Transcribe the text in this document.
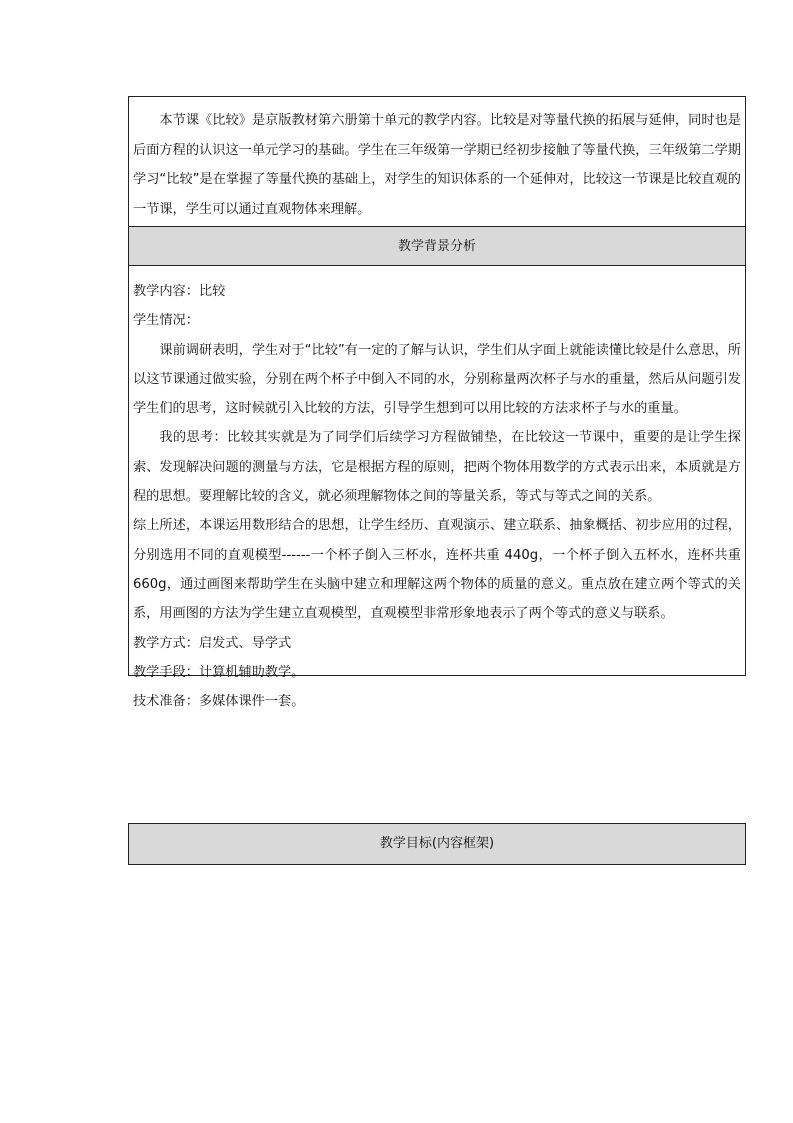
本节课《比较》是京版教材第六册第十单元的教学内容。比较是对等量代换的拓展与延伸，同时也是后面方程的认识这一单元学习的基础。学生在三年级第一学期已经初步接触了等量代换，三年级第二学期学习“比较”是在掌握了等量代换的基础上，对学生的知识体系的一个延伸对，比较这一节课是比较直观的一节课，学生可以通过直观物体来理解。

教学背景分析

教学内容：比较

学生情况：

课前调研表明，学生对于“比较”有一定的了解与认识，学生们从字面上就能读懂比较是什么意思，所以这节课通过做实验，分别在两个杯子中倒入不同的水，分别称量两次杯子与水的重量，然后从问题引发学生们的思考，这时候就引入比较的方法，引导学生想到可以用比较的方法求杯子与水的重量。

我的思考：比较其实就是为了同学们后续学习方程做铺垫，在比较这一节课中，重要的是让学生探索、发现解决问题的测量与方法，它是根据方程的原则，把两个物体用数学的方式表示出来，本质就是方程的思想。要理解比较的含义，就必须理解物体之间的等量关系，等式与等式之间的关系。

综上所述，本课运用数形结合的思想，让学生经历、直观演示、建立联系、抽象概括、初步应用的过程，分别选用不同的直观模型------一个杯子倒入三杯水，连杯共重 440g，一个杯子倒入五杯水，连杯共重 660g，通过画图来帮助学生在头脑中建立和理解这两个物体的质量的意义。重点放在建立两个等式的关系，用画图的方法为学生建立直观模型，直观模型非常形象地表示了两个等式的意义与联系。

教学方式：启发式、导学式

教学手段：计算机辅助教学。

技术准备：多媒体课件一套。

教学目标(内容框架)
